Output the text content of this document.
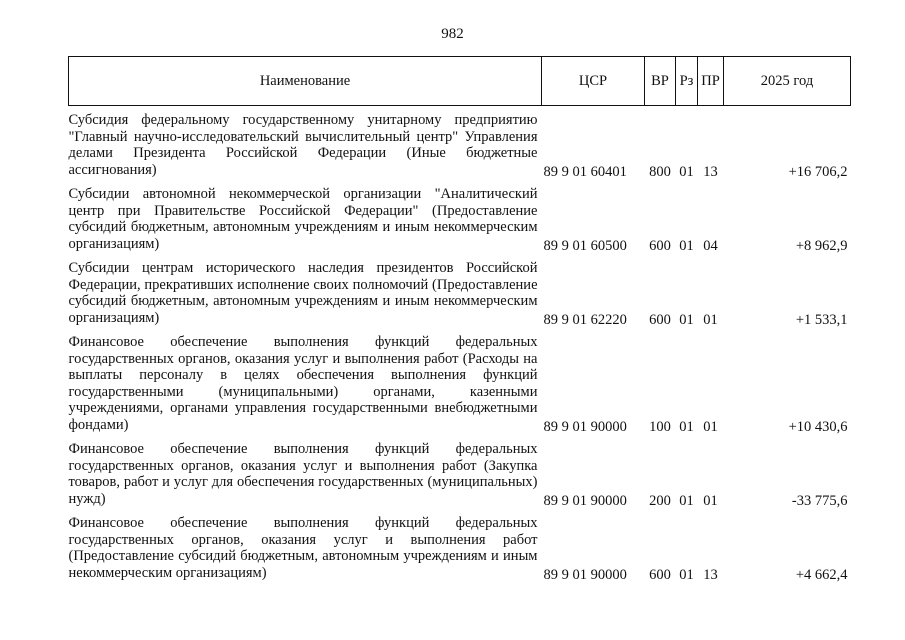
982
Наименование	ЦСР	ВР	Рз	ПР	2025 год

Субсидия федеральному государственному унитарному предприятию "Главный научно-исследовательский вычислительный центр" Управления делами Президента Российской Федерации (Иные бюджетные ассигнования)	89 9 01 60401	800	01	13	+16 706,2

Субсидии автономной некоммерческой организации "Аналитический центр при Правительстве Российской Федерации" (Предоставление субсидий бюджетным, автономным учреждениям и иным некоммерческим организациям)	89 9 01 60500	600	01	04	+8 962,9

Субсидии центрам исторического наследия президентов Российской Федерации, прекративших исполнение своих полномочий (Предоставление субсидий бюджетным, автономным учреждениям и иным некоммерческим организациям)	89 9 01 62220	600	01	01	+1 533,1

Финансовое обеспечение выполнения функций федеральных государственных органов, оказания услуг и выполнения работ (Расходы на выплаты персоналу в целях обеспечения выполнения функций государственными (муниципальными) органами, казенными учреждениями, органами управления государственными внебюджетными фондами)	89 9 01 90000	100	01	01	+10 430,6

Финансовое обеспечение выполнения функций федеральных государственных органов, оказания услуг и выполнения работ (Закупка товаров, работ и услуг для обеспечения государственных (муниципальных) нужд)	89 9 01 90000	200	01	01	-33 775,6

Финансовое обеспечение выполнения функций федеральных государственных органов, оказания услуг и выполнения работ (Предоставление субсидий бюджетным, автономным учреждениям и иным некоммерческим организациям)	89 9 01 90000	600	01	13	+4 662,4
